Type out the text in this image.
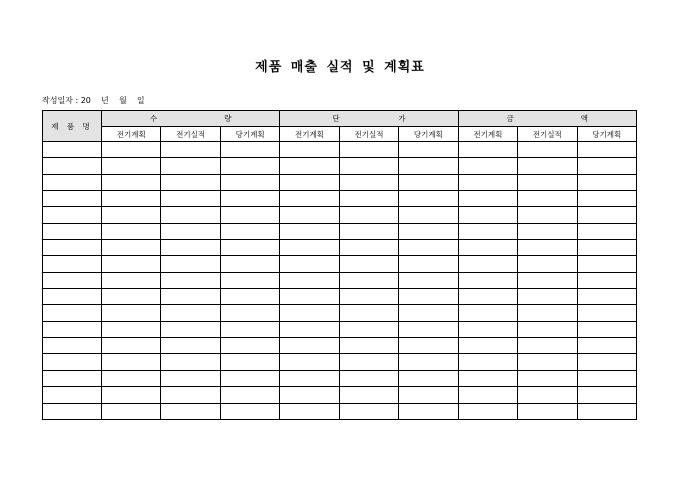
제품 매출 실적 및 계획표
작성일자 : 20    년    월    일
제 품 명	수 량			단 가			금 액		

	전기계획	전기실적	당기계획	전기계획	전기실적	당기계획	전기계획	전기실적	당기계획
